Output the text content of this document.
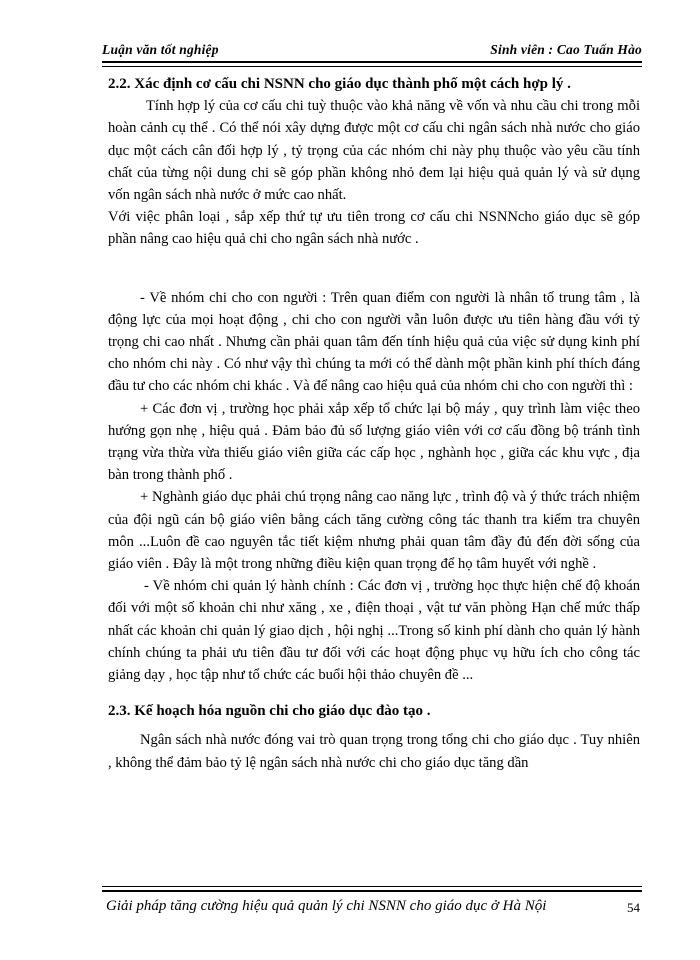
Luận văn tốt nghiệp	Sinh viên : Cao Tuấn Hào

2.2. Xác định cơ cấu chi NSNN cho giáo dục thành phố một cách hợp lý .

Tính hợp lý của cơ cấu chi tuỳ thuộc vào khả năng về vốn và nhu cầu chi trong mỗi hoàn cảnh cụ thể . Có thể nói xây dựng được một cơ cấu chi ngân sách nhà nước cho giáo dục một cách cân đối hợp lý , tỷ trọng của các nhóm chi này phụ thuộc vào yêu cầu tính chất của từng nội dung chi sẽ góp phần không nhỏ đem lại hiệu quả quản lý và sử dụng vốn ngân sách nhà nước ở mức cao nhất.

Với việc phân loại , sắp xếp thứ tự ưu tiên trong cơ cấu chi NSNNcho giáo dục sẽ góp phần nâng cao hiệu quả chi cho ngân sách nhà nước .

- Về nhóm chi cho con người : Trên quan điểm con người là nhân tố trung tâm , là động lực của mọi hoạt động , chi cho con người vẫn luôn được ưu tiên hàng đầu với tỷ trọng chi cao nhất . Nhưng cần phải quan tâm đến tính hiệu quả của việc sử dụng kinh phí cho nhóm chi này . Có như vậy thì chúng ta mới có thể dành một phần kinh phí thích đáng đầu tư cho các nhóm chi khác . Và để nâng cao hiệu quả của nhóm chi cho con người thì :

+ Các đơn vị , trường học phải xắp xếp tổ chức lại bộ máy , quy trình làm việc theo hướng gọn nhẹ , hiệu quả . Đảm bảo đủ số lượng giáo viên với cơ cấu đồng bộ tránh tình trạng vừa thừa vừa thiếu giáo viên giữa các cấp học , nghành học , giữa các khu vực , địa bàn trong thành phố .

+ Nghành giáo dục phải chú trọng nâng cao năng lực , trình độ và ý thức trách nhiệm của đội ngũ cán bộ giáo viên bằng cách tăng cường công tác thanh tra kiểm tra chuyên môn ...Luôn đề cao nguyên tắc tiết kiệm nhưng phải quan tâm đầy đủ đến đời sống của giáo viên . Đây là một trong những điều kiện quan trọng để họ tâm huyết với nghề .

- Về nhóm chi quản lý hành chính : Các đơn vị , trường học thực hiện chế độ khoán đối với một số khoản chi như xăng , xe , điện thoại , vật tư văn phòng Hạn chế mức thấp nhất các khoản chi quản lý giao dịch , hội nghị ...Trong số kinh phí dành cho quản lý hành chính chúng ta phải ưu tiên đầu tư đối với các hoạt động phục vụ hữu ích cho công tác giảng dạy , học tập như tổ chức các buổi hội thảo chuyên đề ...

2.3. Kế hoạch hóa nguồn chi cho giáo dục đào tạo .

Ngân sách nhà nước đóng vai trò quan trọng trong tổng chi cho giáo dục . Tuy nhiên , không thể đảm bảo tỷ lệ ngân sách nhà nước chi cho giáo dục tăng dần

Giải pháp tăng cường hiệu quả quản lý chi NSNN cho giáo dục ở Hà Nội	54
